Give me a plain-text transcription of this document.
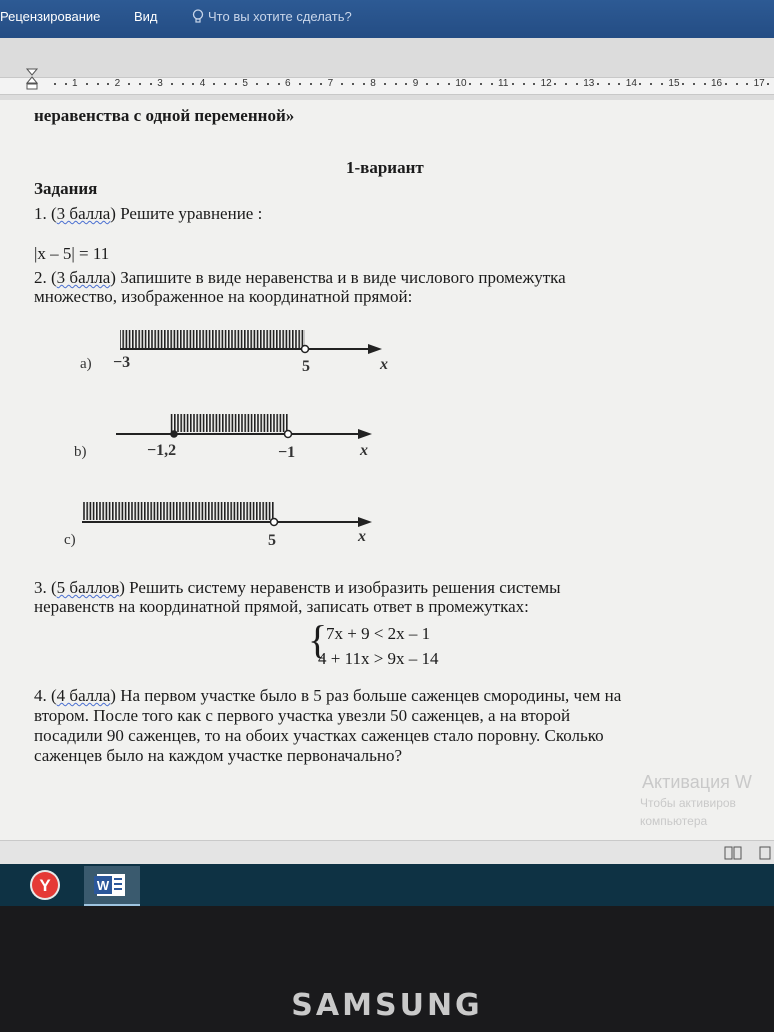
Рецензирование	Вид	Что вы хотите сделать?
1	2	3	4	5	6	7	8	9	10	11	12	13	14	15	16	17
неравенства с одной переменной»
1-вариант
Задания
1. (3 балла) Решите уравнение :
|x – 5| = 11
2. (3 балла) Запишите в виде неравенства и в виде числового промежутка
множество, изображенное на координатной прямой:
a) −3	5	x
b)	−1,2	−1	x
c)	5	x
3. (5 баллов) Решить систему неравенств и изобразить решения системы
неравенств на координатной прямой, записать ответ в промежутках:
{
7x + 9 < 2x – 1
4 + 11x > 9x – 14
4. (4 балла) На первом участке было в 5 раз больше саженцев смородины, чем на
втором. После того как с первого участка увезли 50 саженцев, а на второй
посадили 90 саженцев, то на обоих участках саженцев стало поровну. Сколько
саженцев было на каждом участке первоначально?
Активация W
Чтобы активиров
компьютера
Y	W
SAMSUNG
